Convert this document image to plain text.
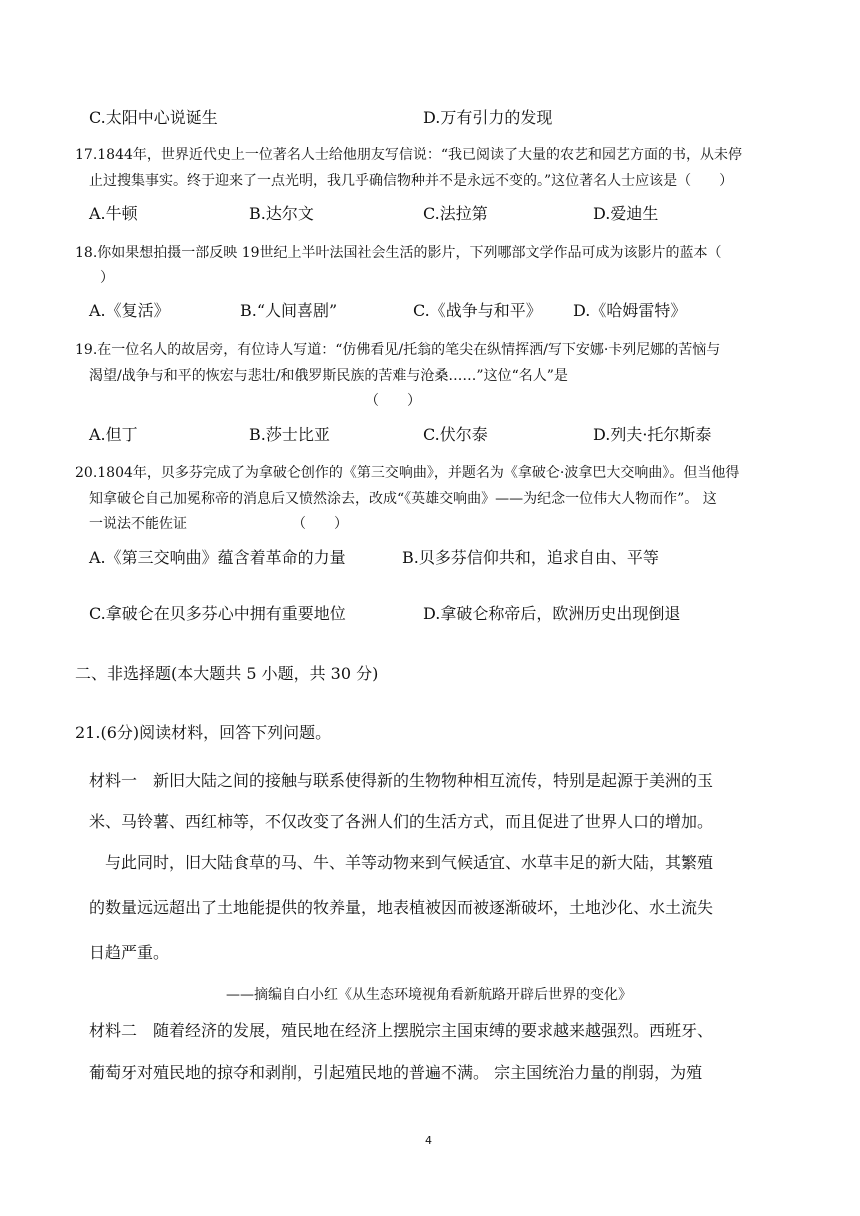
C.太阳中心说诞生	D.万有引力的发现
17.1844年，世界近代史上一位著名人士给他朋友写信说：“我已阅读了大量的农艺和园艺方面的书，从未停
止过搜集事实。终于迎来了一点光明，我几乎确信物种并不是永远不变的。”这位著名人士应该是（　　）
A.牛顿	B.达尔文	C.法拉第	D.爱迪生
18.你如果想拍摄一部反映 19世纪上半叶法国社会生活的影片，下列哪部文学作品可成为该影片的蓝本（
）
A.《复活》	B.“人间喜剧”	C.《战争与和平》 D.《哈姆雷特》
19.在一位名人的故居旁，有位诗人写道：“仿佛看见/托翁的笔尖在纵情挥洒/写下安娜·卡列尼娜的苦恼与
渴望/战争与和平的恢宏与悲壮/和俄罗斯民族的苦难与沧桑……”这位“名人”是
（　　）
A.但丁	B.莎士比亚	C.伏尔泰	D.列夫·托尔斯泰
20.1804年，贝多芬完成了为拿破仑创作的《第三交响曲》，并题名为《拿破仑·波拿巴大交响曲》。但当他得
知拿破仑自己加冕称帝的消息后又愤然涂去，改成“《英雄交响曲》——为纪念一位伟大人物而作”。 这
一说法不能佐证　　　　　　　　（　　）
A.《第三交响曲》蕴含着革命的力量	B.贝多芬信仰共和，追求自由、平等
C.拿破仑在贝多芬心中拥有重要地位	D.拿破仑称帝后，欧洲历史出现倒退
二、非选择题(本大题共 5 小题，共 30 分)
21.(6分)阅读材料，回答下列问题。
材料一　新旧大陆之间的接触与联系使得新的生物物种相互流传，特别是起源于美洲的玉
米、马铃薯、西红柿等，不仅改变了各洲人们的生活方式，而且促进了世界人口的增加。
与此同时，旧大陆食草的马、牛、羊等动物来到气候适宜、水草丰足的新大陆，其繁殖
的数量远远超出了土地能提供的牧养量，地表植被因而被逐渐破坏，土地沙化、水土流失
日趋严重。
——摘编自白小红《从生态环境视角看新航路开辟后世界的变化》
材料二　随着经济的发展，殖民地在经济上摆脱宗主国束缚的要求越来越强烈。西班牙、
葡萄牙对殖民地的掠夺和剥削，引起殖民地的普遍不满。 宗主国统治力量的削弱，为殖
4
